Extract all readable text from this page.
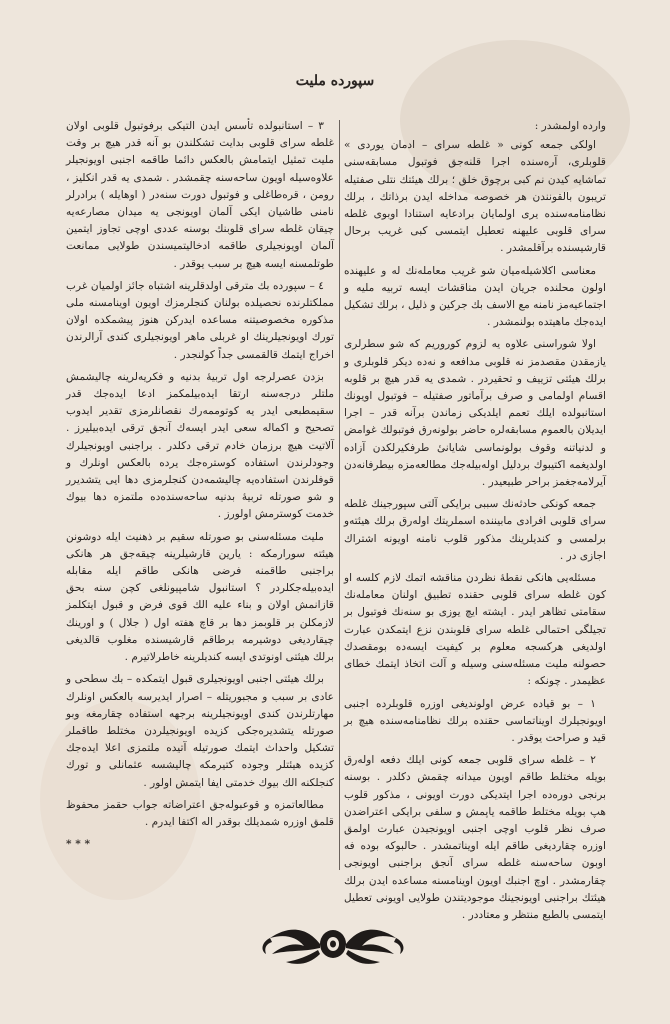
سپورده ملیت

وارده اولمشدر :

اولکی جمعه کونی « غلطه سرای – ادمان یوردی » قلوبلری، آرەسندە اجرا قلنەجق فوتبول مسابقەسنی تماشایە کیدن نم کبی برچوق خلق ؛ برلك هیئتك نتلی صفتیلە تریبون بالقونندن هر خصوصە مداخلە ایدن برذاتك ، برلك نظامنامەسندە یری اولمایان برادعایە استنادا اوبوی غلطە سرای قلوبی علیهنە تعطیل ایتمسی کبی غریب برحال قارشیسندە برآقلمشدر .

معناسی اکلاشیلەمیان شو غریب معاملەنك له و علیهندە اولون محلندە جریان ایدن مناقشات ایسە تربیه ملیە و اجتماعیەمز نامنە مع الاسف بك جرکین و ذلیل ، برلك تشکیل ایدەجك ماهیتدە بولنمشدر .

اولا شوراسنی علاوە یە لزوم کوروریم کە شو سطرلری یازمقدن مقصدمز نە قلوبی مدافعە و نەدە دیکر قلوبلری و برلك هیئتی تزییف و تحقیردر . شمدی یە قدر هیچ بر قلوبە اقسام اولمامی و صرف برآماتور صفتیلە – فوتبول اویونك استانبولدە ایلك تعمم ایلدیکی زماندن برآنە قدر – اجرا ایدیلان بالعموم مسابقەلرە حاضر بولونەرق فوتبولك غوامض و لدنیاتنە وقوف بولونماسی شایانیٔ طرفکیرلکدن آزادە اولدیغمە اکتیبوك بردلیل اولەبیلەجك مطالعەمزه بیطرفانەدن آیرلامەجغمز براحر طبیعیدر .

جمعه کونکی حادثەنك سببی برایکی آلتی سپورجینك غلطە سرای قلوبی افرادی مابیننده اسملریتك اولەرق برلك هیئتەو برلمسی و کندیلرینك مذکور قلوب نامنە اویونە اشتراك اجازی در .

مسئلەیی هانکی نقطۀ نظردن مناقشە اتمك لازم کلسە او کون غلطە سرای قلوبی حقندە تطبیق اولنان معاملەنك سقامتی تظاهر ایدر . ایشتە ایچ یوزی بو سنەنك فوتبول بر تجیلگی احتمالی غلطە سرای قلوبندن نزع ایتمکدن عبارت اولدیغی هرکسجە معلوم بر کیفیت ایسەدە بومقصدك حصولنە ملیت مسئلەسنی وسیلە و آلت اتخاذ ایتمك خطای عظیمدر . چونکە :

۱ – بو قیادە عرض اولوندیغی اوزرە قلوبلردە اجنبی اویونجیلرك اویناتماسی حقندە برلك نظامنامەسندە هیچ بر قید و صراحت یوقدر .

۲ – غلطە سرای قلوبی جمعه کونی ایلك دفعه اولەرق بویلە مختلط طاقم اویون میدانە چقمش دکلدر . بوسنە برنجی دورەدە اجرا ایتدیکی دورت اویونی ، مذکور قلوب هپ بویلە مختلط طاقمە یاپمش و سلفی برایکی اعتراضدن صرف نظر قلوب اوچی اجنبی اویونجیدن عبارت اولمق اوزرە چقاردیغی طاقم ایلە اویناتمشدر . حالبوکە بوده فه اوبون ساحەسنه غلطە سرای آنجق براجنبی اویونجی چقارمشدر . اوچ اجنبك اویون اوینامسنه مساعدە ایدن برلك هیئتك براجنبی اویونجینك موجودیتندن طولایی اویونی تعطیل ایتمسی بالطبع منتظر و معتاددر .

۳ – استانبولدە تأسس ایدن التیکی برفوتبول قلوبی اولان غلطە سرای قلوبی بدایت تشکلندن بو آنە قدر هیچ بر وقت ملیت تمثیل ایتمامش بالعکس دائما طاقمە اجنبی اویونجیلر علاوەسیلە اویون ساحەسنه چقمشدر . شمدی یە قدر انکلیز ، رومن ، قرەطاغلی و فوتبول دورت سنەدر ( اوهایلە ) برادرلر نامنی طاشیان ایکی آلمان اویونجی یە میدان مصارعەیە چیقان غلطە سرای قلوبنك بوسنە عددی اوچی تجاوز ایتمین آلمان اویونجیلری طاقمە ادخالیتمیسندن طولایی ممانعت طوتلمسنە ایسە هیچ بر سبب یوقدر .

٤ – سپوردە بك مترقی اولدقلرینە اشتباه جائز اولمیان غرب مملکتلرندە نحصیلدە بولنان کنجلرمزك اویون اوینامسنە ملی مذکورە مخصوصیتنه مساعدە ایدرکن هنوز پیشمکدە اولان تورك اویونجیلرینك او غربلی ماهر اویونجیلری کندی آرالرندن اخراج ایتمك قالقمسی جداً کولنجدر .

بزدن عصرلرجە اول تربیهٔ بدنیە و فکریەلرینە چالیشمش ملتلر درجەسنە ارتقا ایدەبیلمکمز ادعا ایدەجك قدر سقیمطبعی ایدر یە کوتوممەرك نقصانلرمزی تقدیر ایدوب تصحیح و اکماله سعی ایدر ایسەك آنجق ترقی ایدەبیلیرز . آلاتیت هیچ برزمان خادم ترقی دکلدر . براجنبی اویونجیلرك وجودلرندن استفادە کوسترەجك یردە بالعکس اونلرك و قوفلرندن استفادەیە چالیشمەدن کنجلرمزی دها ایی یتشدیرر و شو صورتلە تربیهٔ بدنیە ساحەسندەدە ملتمزە دها بیوك خدمت کوسترمش اولورز .

ملیت مسئلەسنی بو صورتلە سقیم بر ذهنیت ایلە دوشونن هیئتە سورارمکە : یارین قارشیلرینە چیقەجق هر هانکی براجنبی طاقمنه فرضی هانکی طاقم ایلە مقابلە ایدەبیلەجکلردر ؟ استانبول شامپیونلغی کچن سنە بحق قازانمش اولان و بناء علیه الك قوی فرض و قبول ایتکلمز لازمکلن بر قلوبمز دها بر قاچ هفته اول ( جلال ) و اورینك چیقاردیغی دوشیرمە برطاقم قارشیسندە مغلوب قالدیغی برلك هیئتی اونوتدی ایسە کندیلرینە خاطرلاتیرم .

برلك هیئتی اجنبی اویونجیلری قبول ایتمکدە – بك سطحی و عادی بر سبب و مجبوریتله – اصرار ایدیرسە بالعکس اونلرك مهارتلرندن کندی اویونجیلرینه برجهە استفادە چقارمغە وبو صورتلە یتشدیرەجکی کزیدە اویونجیلردن مختلط طاقملر تشکیل واحداث ایتمك صورتیلە آتیدە ملتمزی اعلا ایدەجك کزیدە هیئتلر وجودە کتیرمکە چالیشسە عثمانلی و تورك کنجلکنه الك بیوك خدمتی ایفا ایتمش اولور .

مطالعاتمزه و قوعبولەجق اعتراضاتە جواب حقمز محفوظ قلمق اوزرە شمدیلك بوقدر اله اکتفا ایدرم .

* * *
